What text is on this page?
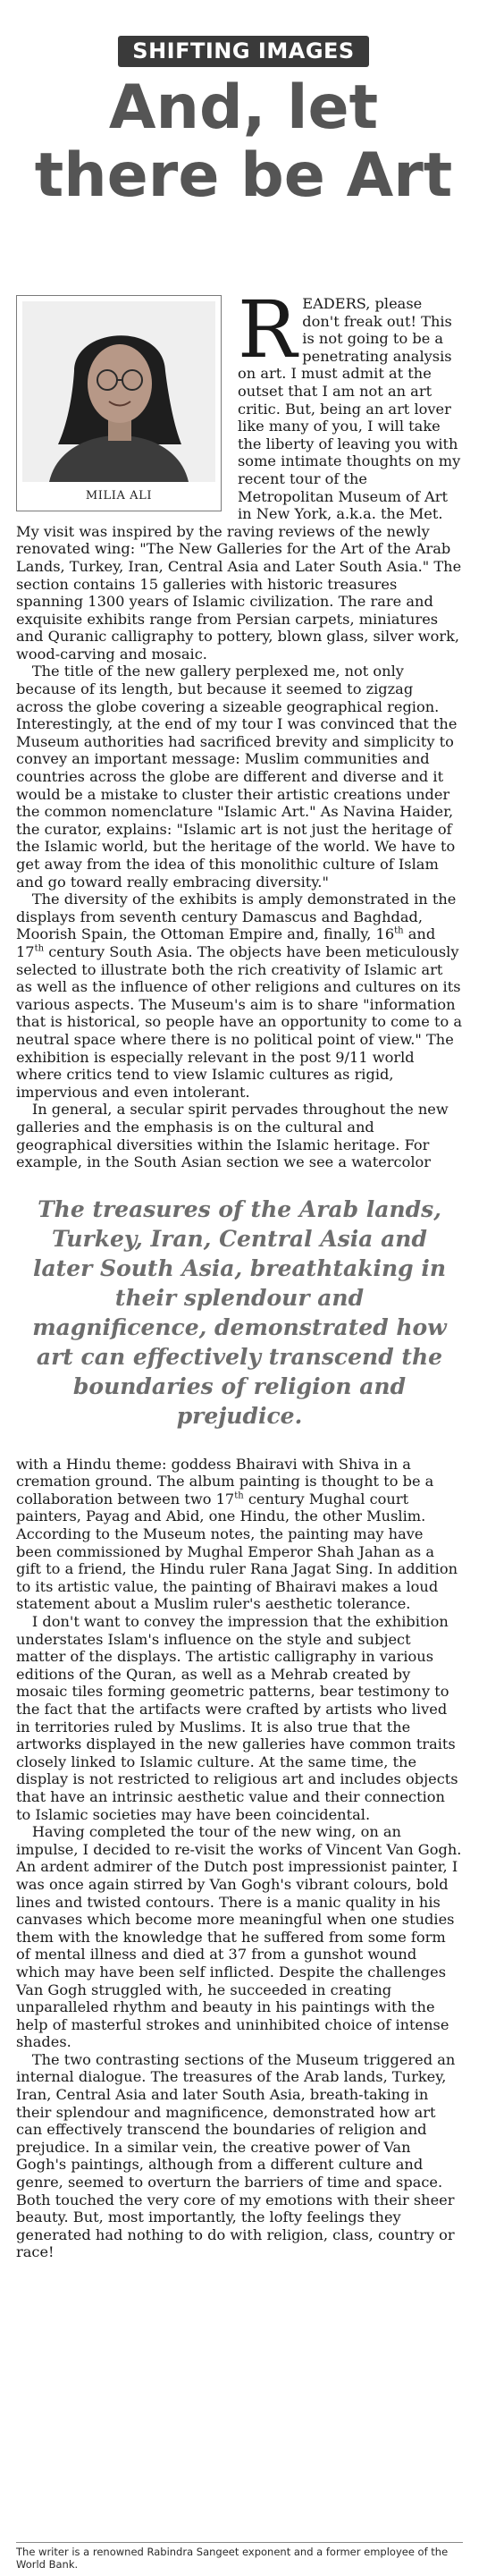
SHIFTING IMAGES
And, let
there be Art
MILIA ALI

READERS, please don't freak out! This is not going to be a penetrating analysis on art. I must admit at the outset that I am not an art critic. But, being an art lover like many of you, I will take the liberty of leaving you with some intimate thoughts on my recent tour of the Metropolitan Museum of Art in New York, a.k.a. the Met. My visit was inspired by the raving reviews of the newly renovated wing: "The New Galleries for the Art of the Arab Lands, Turkey, Iran, Central Asia and Later South Asia." The section contains 15 galleries with historic treasures spanning 1300 years of Islamic civilization. The rare and exquisite exhibits range from Persian carpets, miniatures and Quranic calligraphy to pottery, blown glass, silver work, wood-carving and mosaic.

The title of the new gallery perplexed me, not only because of its length, but because it seemed to zigzag across the globe covering a sizeable geographical region. Interestingly, at the end of my tour I was convinced that the Museum authorities had sacrificed brevity and simplicity to convey an important message: Muslim communities and countries across the globe are different and diverse and it would be a mistake to cluster their artistic creations under the common nomenclature "Islamic Art." As Navina Haider, the curator, explains: "Islamic art is not just the heritage of the Islamic world, but the heritage of the world. We have to get away from the idea of this monolithic culture of Islam and go toward really embracing diversity."

The diversity of the exhibits is amply demonstrated in the displays from seventh century Damascus and Baghdad, Moorish Spain, the Ottoman Empire and, finally, 16th and 17th century South Asia. The objects have been meticulously selected to illustrate both the rich creativity of Islamic art as well as the influence of other religions and cultures on its various aspects. The Museum's aim is to share "information that is historical, so people have an opportunity to come to a neutral space where there is no political point of view." The exhibition is especially relevant in the post 9/11 world where critics tend to view Islamic cultures as rigid, impervious and even intolerant.

In general, a secular spirit pervades throughout the new galleries and the emphasis is on the cultural and geographical diversities within the Islamic heritage. For example, in the South Asian section we see a watercolor

The treasures of the Arab lands, Turkey, Iran, Central Asia and later South Asia, breathtaking in their splendour and magnificence, demonstrated how art can effectively transcend the boundaries of religion and prejudice.

with a Hindu theme: goddess Bhairavi with Shiva in a cremation ground. The album painting is thought to be a collaboration between two 17th century Mughal court painters, Payag and Abid, one Hindu, the other Muslim. According to the Museum notes, the painting may have been commissioned by Mughal Emperor Shah Jahan as a gift to a friend, the Hindu ruler Rana Jagat Sing. In addition to its artistic value, the painting of Bhairavi makes a loud statement about a Muslim ruler's aesthetic tolerance.

I don't want to convey the impression that the exhibition understates Islam's influence on the style and subject matter of the displays. The artistic calligraphy in various editions of the Quran, as well as a Mehrab created by mosaic tiles forming geometric patterns, bear testimony to the fact that the artifacts were crafted by artists who lived in territories ruled by Muslims. It is also true that the artworks displayed in the new galleries have common traits closely linked to Islamic culture. At the same time, the display is not restricted to religious art and includes objects that have an intrinsic aesthetic value and their connection to Islamic societies may have been coincidental.

Having completed the tour of the new wing, on an impulse, I decided to re-visit the works of Vincent Van Gogh. An ardent admirer of the Dutch post impressionist painter, I was once again stirred by Van Gogh's vibrant colours, bold lines and twisted contours. There is a manic quality in his canvases which become more meaningful when one studies them with the knowledge that he suffered from some form of mental illness and died at 37 from a gunshot wound which may have been self inflicted. Despite the challenges Van Gogh struggled with, he succeeded in creating unparalleled rhythm and beauty in his paintings with the help of masterful strokes and uninhibited choice of intense shades.

The two contrasting sections of the Museum triggered an internal dialogue. The treasures of the Arab lands, Turkey, Iran, Central Asia and later South Asia, breath-taking in their splendour and magnificence, demonstrated how art can effectively transcend the boundaries of religion and prejudice. In a similar vein, the creative power of Van Gogh's paintings, although from a different culture and genre, seemed to overturn the barriers of time and space. Both touched the very core of my emotions with their sheer beauty. But, most importantly, the lofty feelings they generated had nothing to do with religion, class, country or race!

The writer is a renowned Rabindra Sangeet exponent and a former employee of the World Bank.
